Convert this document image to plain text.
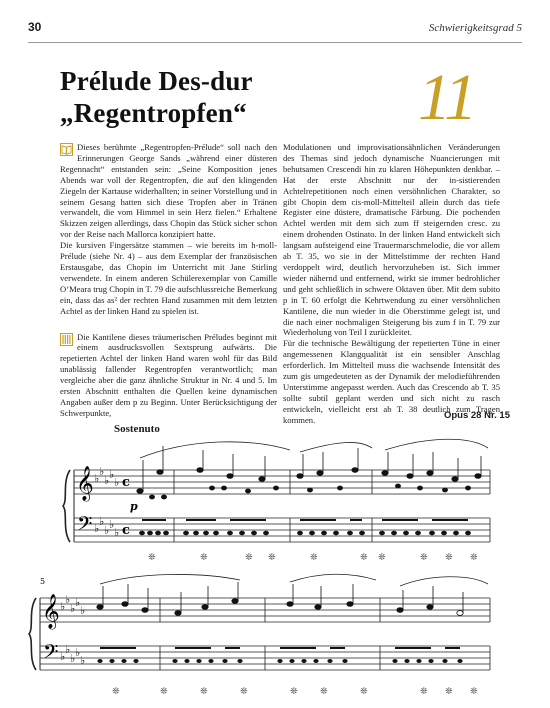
30	Schwierigkeitsgrad 5
Prélude Des-dur
„Regentropfen“	11

Dieses berühmte „Regentropfen-Prélude“ soll nach den Erinnerungen George Sands „während einer düsteren Regennacht“ entstanden sein: „Seine Komposition jenes Abends war voll der Regentropfen, die auf den klingenden Ziegeln der Kartause widerhallten; in seiner Vorstellung und in seinem Gesang hatten sich diese Tropfen aber in Tränen verwandelt, die vom Himmel in sein Herz fielen.“ Erhaltene Skizzen zeigen allerdings, dass Chopin das Stück sicher schon vor der Reise nach Mallorca konzipiert hatte.

Die kursiven Fingersätze stammen – wie bereits im h-moll-Prélude (siehe Nr. 4) – aus dem Exemplar der französischen Erstausgabe, das Chopin im Unterricht mit Jane Stirling verwendete. In einem anderen Schülerexemplar von Camille O’Meara trug Chopin in T. 79 die aufschlussreiche Bemerkung ein, dass das as² der rechten Hand zusammen mit dem letzten Achtel as der linken Hand zu spielen ist.

Die Kantilene dieses träumerischen Préludes beginnt mit einem ausdrucksvollen Sextsprung aufwärts. Die repetierten Achtel der linken Hand waren wohl für das Bild unablässig fallender Regentropfen verantwortlich; man vergleiche aber die ganz ähnliche Struktur in Nr. 4 und 5. Im ersten Abschnitt enthalten die Quellen keine dynamischen Angaben außer dem p zu Beginn. Unter Berücksichtigung der Schwerpunkte,

Modulationen und improvisationsähnlichen Veränderungen des Themas sind jedoch dynamische Nuancierungen mit behutsamen Crescendi hin zu klaren Höhepunkten denkbar. – Hat der erste Abschnitt nur der in-sistierenden Achtelrepetitionen noch einen versöhnlichen Charakter, so gibt Chopin dem cis-moll-Mittelteil allein durch das tiefe Register eine düstere, dramatische Färbung. Die pochenden Achtel werden mit dem sich zum ff steigernden cresc. zu einem drohenden Ostinato. In der linken Hand entwickelt sich langsam aufsteigend eine Trauermarschmelodie, die vor allem ab T. 35, wo sie in der Mittelstimme der rechten Hand verdoppelt wird, deutlich hervorzuheben ist. Sich immer wieder nähernd und entfernend, wirkt sie immer bedrohlicher und geht schließlich in schwere Oktaven über. Mit dem subito p in T. 60 erfolgt die Kehrtwendung zu einer versöhnlichen Kantilene, die nun wieder in die Oberstimme gelegt ist, und die nach einer nochmaligen Steigerung bis zum f in T. 79 zur Wiederholung von Teil I zurückleitet.

Für die technische Bewältigung der repetierten Töne in einer angemessenen Klangqualität ist ein sensibler Anschlag erforderlich. Im Mittelteil muss die wachsende Intensität des zum gis umgedeuteten as der Dynamik der melodieführenden Unterstimme angepasst werden. Auch das Crescendo ab T. 35 sollte subtil geplant werden und sich nicht zu rasch entwickeln, vielleicht erst ab T. 38 deutlich zum Tragen kommen.	Opus 28 Nr. 15
𝄞
𝄢
♭
♭
♭ ♭
♭
♭
♭
♭ ♭
♭
c
c
❊	❊	❊ ❊	❊	❊ ❊	❊ ❊ ❊
p
Sostenuto
5
𝄞
𝄢
♭
♭
♭ ♭
♭
♭
♭
♭ ♭
♭
❊	❊	❊	❊	❊ ❊	❊	❊ ❊ ❊
